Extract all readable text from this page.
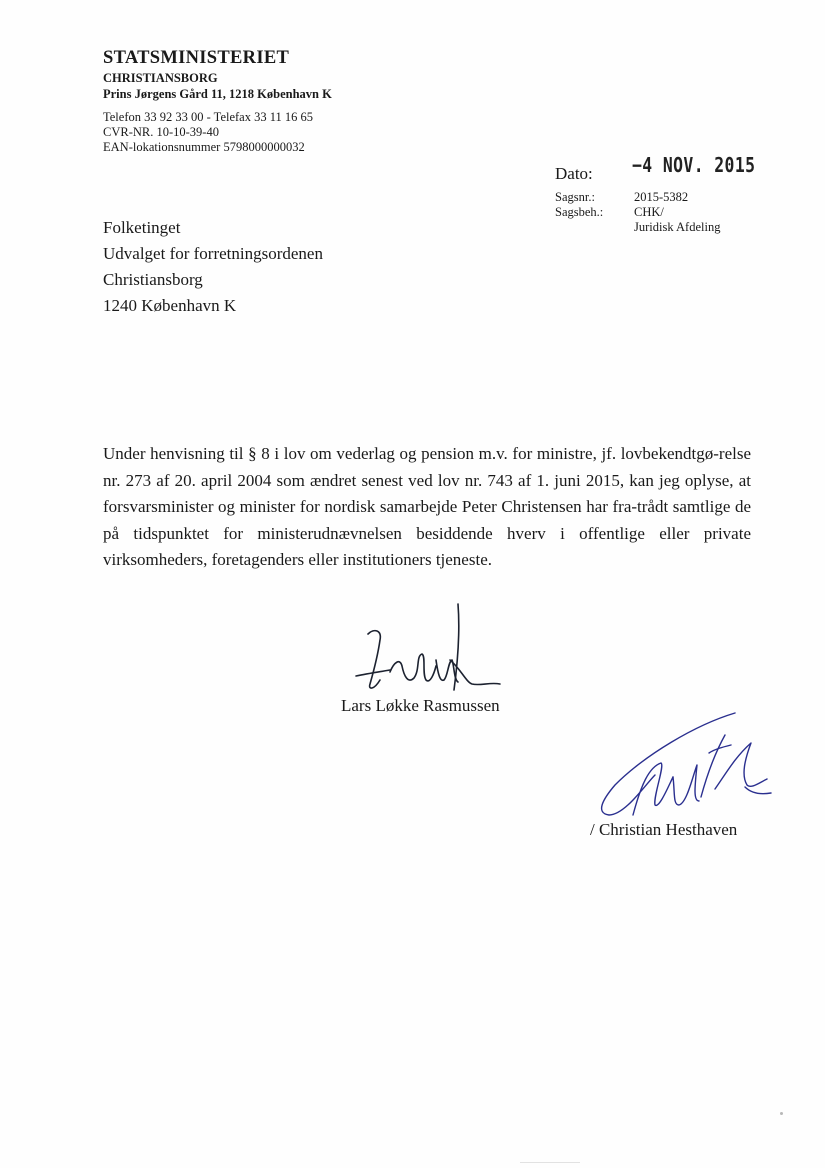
STATSMINISTERIET
CHRISTIANSBORG
Prins Jørgens Gård 11, 1218 København K
Telefon 33 92 33 00 - Telefax 33 11 16 65
CVR-NR. 10-10-39-40
EAN-lokationsnummer 5798000000032
Dato: −4 NOV. 2015
Sagsnr.:	2015-5382
Sagsbeh.: CHK/
Juridisk Afdeling
Folketinget
Udvalget for forretningsordenen
Christiansborg
1240 København K
Under henvisning til § 8 i lov om vederlag og pension m.v. for ministre, jf. lovbekendtgø-relse nr. 273 af 20. april 2004 som ændret senest ved lov nr. 743 af 1. juni 2015, kan jeg oplyse, at forsvarsminister og minister for nordisk samarbejde Peter Christensen har fra-trådt samtlige de på tidspunktet for ministerudnævnelsen besiddende hverv i offentlige eller private virksomheders, foretagenders eller institutioners tjeneste.
Lars Løkke Rasmussen
/ Christian Hesthaven
